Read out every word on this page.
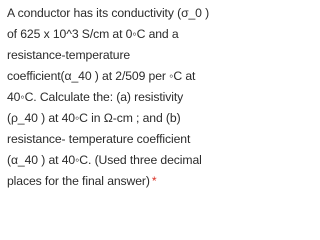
A conductor has its conductivity (σ_0 )
of 625 x 10^3 S/cm at 0◦C and a
resistance-temperature
coefficient(α_40 ) at 2/509 per ◦C at
40◦C. Calculate the: (a) resistivity
(ρ_40 ) at 40◦C in Ω-cm ; and (b)
resistance- temperature coefficient
(α_40 ) at 40◦C. (Used three decimal
places for the final answer) *
